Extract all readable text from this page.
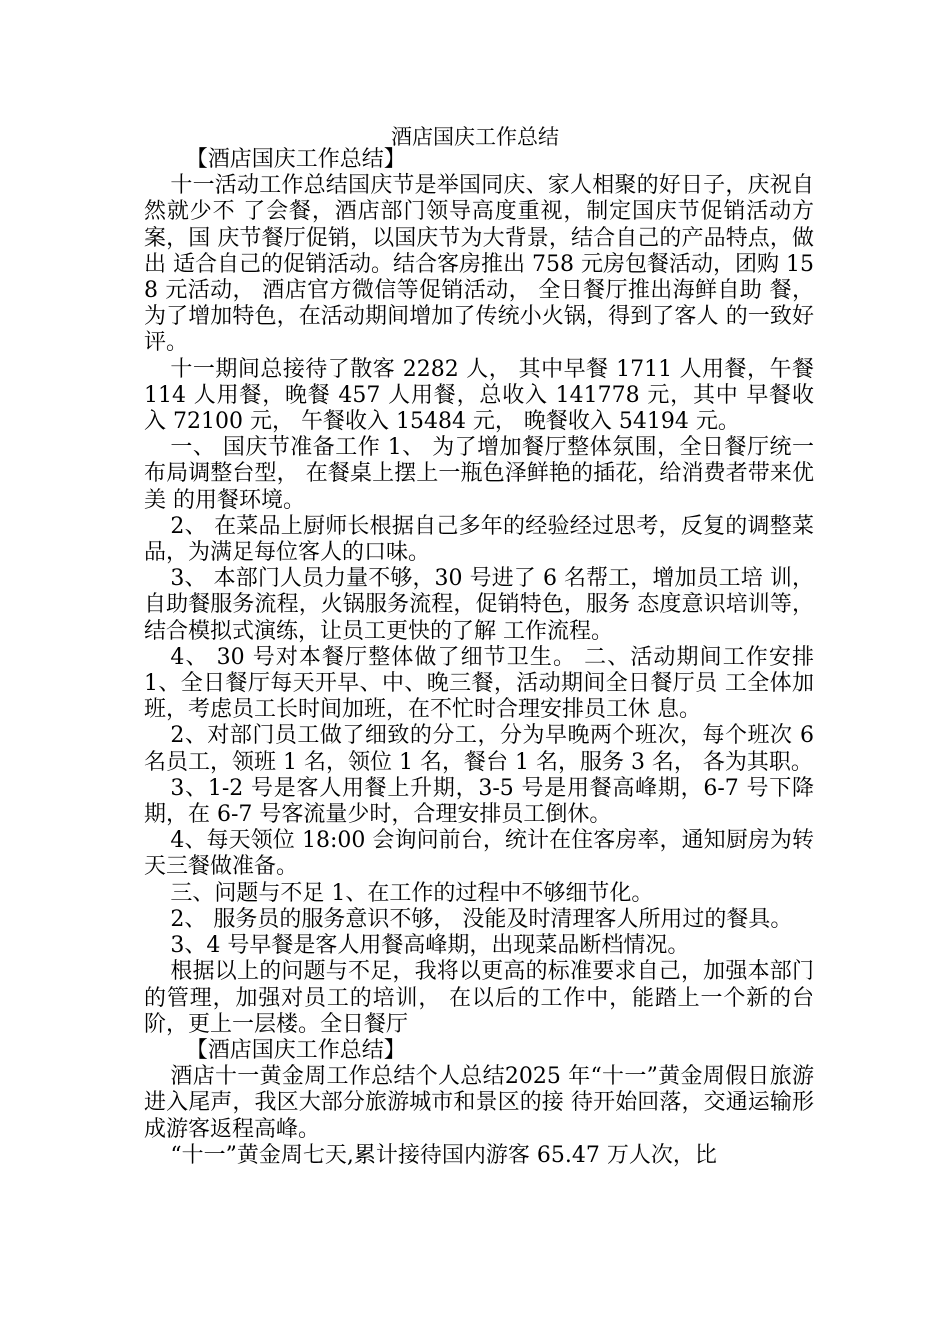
酒店国庆工作总结

【酒店国庆工作总结】

十一活动工作总结国庆节是举国同庆、家人相聚的好日子，庆祝自然就少不 了会餐，酒店部门领导高度重视，制定国庆节促销活动方案，国 庆节餐厅促销，以国庆节为大背景，结合自己的产品特点，做出 适合自己的促销活动。结合客房推出 758 元房包餐活动，团购 158 元活动， 酒店官方微信等促销活动， 全日餐厅推出海鲜自助 餐，为了增加特色，在活动期间增加了传统小火锅，得到了客人 的一致好评。

十一期间总接待了散客 2282 人， 其中早餐 1711 人用餐，午餐 114 人用餐，晚餐 457 人用餐，总收入 141778 元，其中 早餐收入 72100 元， 午餐收入 15484 元， 晚餐收入 54194 元。

一、 国庆节准备工作 1、 为了增加餐厅整体氛围，全日餐厅统一布局调整台型， 在餐桌上摆上一瓶色泽鲜艳的插花，给消费者带来优美 的用餐环境。

2、 在菜品上厨师长根据自己多年的经验经过思考，反复的调整菜品，为满足每位客人的口味。

3、 本部门人员力量不够，30 号进了 6 名帮工，增加员工培 训，自助餐服务流程，火锅服务流程，促销特色，服务 态度意识培训等，结合模拟式演练，让员工更快的了解 工作流程。

4、 30 号对本餐厅整体做了细节卫生。 二、活动期间工作安排 1、全日餐厅每天开早、中、晚三餐，活动期间全日餐厅员 工全体加班，考虑员工长时间加班，在不忙时合理安排员工休 息。

2、对部门员工做了细致的分工，分为早晚两个班次，每个班次 6 名员工，领班 1 名，领位 1 名，餐台 1 名，服务 3 名， 各为其职。

3、1-2 号是客人用餐上升期，3-5 号是用餐高峰期，6-7 号下降期，在 6-7 号客流量少时，合理安排员工倒休。

4、每天领位 18:00 会询问前台，统计在住客房率，通知厨房为转天三餐做准备。

三、问题与不足 1、在工作的过程中不够细节化。

2、 服务员的服务意识不够， 没能及时清理客人所用过的餐具。

3、4 号早餐是客人用餐高峰期，出现菜品断档情况。

根据以上的问题与不足，我将以更高的标准要求自己，加强本部门的管理，加强对员工的培训， 在以后的工作中，能踏上一个新的台阶，更上一层楼。全日餐厅

【酒店国庆工作总结】

酒店十一黄金周工作总结个人总结2025 年“十一”黄金周假日旅游进入尾声，我区大部分旅游城市和景区的接 待开始回落，交通运输形成游客返程高峰。

“十一”黄金周七天,累计接待国内游客 65.47 万人次，比
